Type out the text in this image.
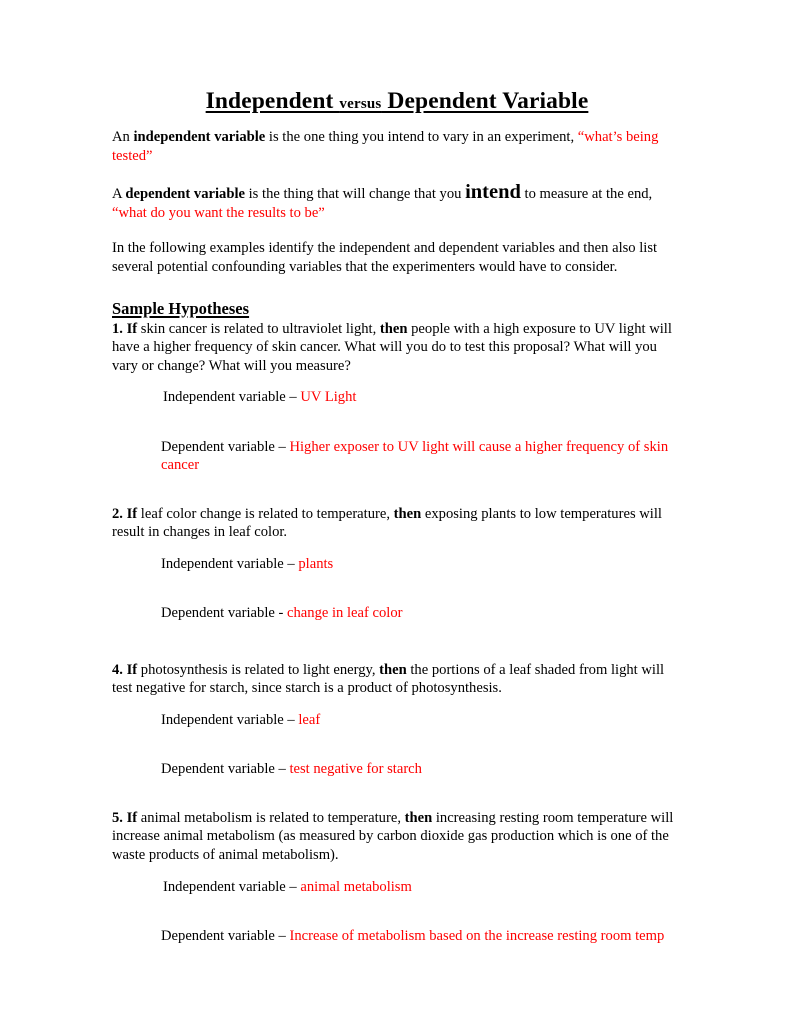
Independent versus Dependent Variable

An independent variable is the one thing you intend to vary in an experiment, “what’s being tested”

A dependent variable is the thing that will change that you intend to measure at the end, “what do you want the results to be”

In the following examples identify the independent and dependent variables and then also list several potential confounding variables that the experimenters would have to consider.

Sample Hypotheses

1. If skin cancer is related to ultraviolet light, then people with a high exposure to UV light will have a higher frequency of skin cancer. What will you do to test this proposal? What will you vary or change? What will you measure?

Independent variable – UV Light

Dependent variable – Higher exposer to UV light will cause a higher frequency of skin cancer

2. If leaf color change is related to temperature, then exposing plants to low temperatures will result in changes in leaf color.

Independent variable – plants

Dependent variable - change in leaf color

4. If photosynthesis is related to light energy, then the portions of a leaf shaded from light will test negative for starch, since starch is a product of photosynthesis.

Independent variable – leaf

Dependent variable – test negative for starch

5. If animal metabolism is related to temperature, then increasing resting room temperature will increase animal metabolism (as measured by carbon dioxide gas production which is one of the waste products of animal metabolism).

Independent variable – animal metabolism

Dependent variable – Increase of metabolism based on the increase resting room temp
